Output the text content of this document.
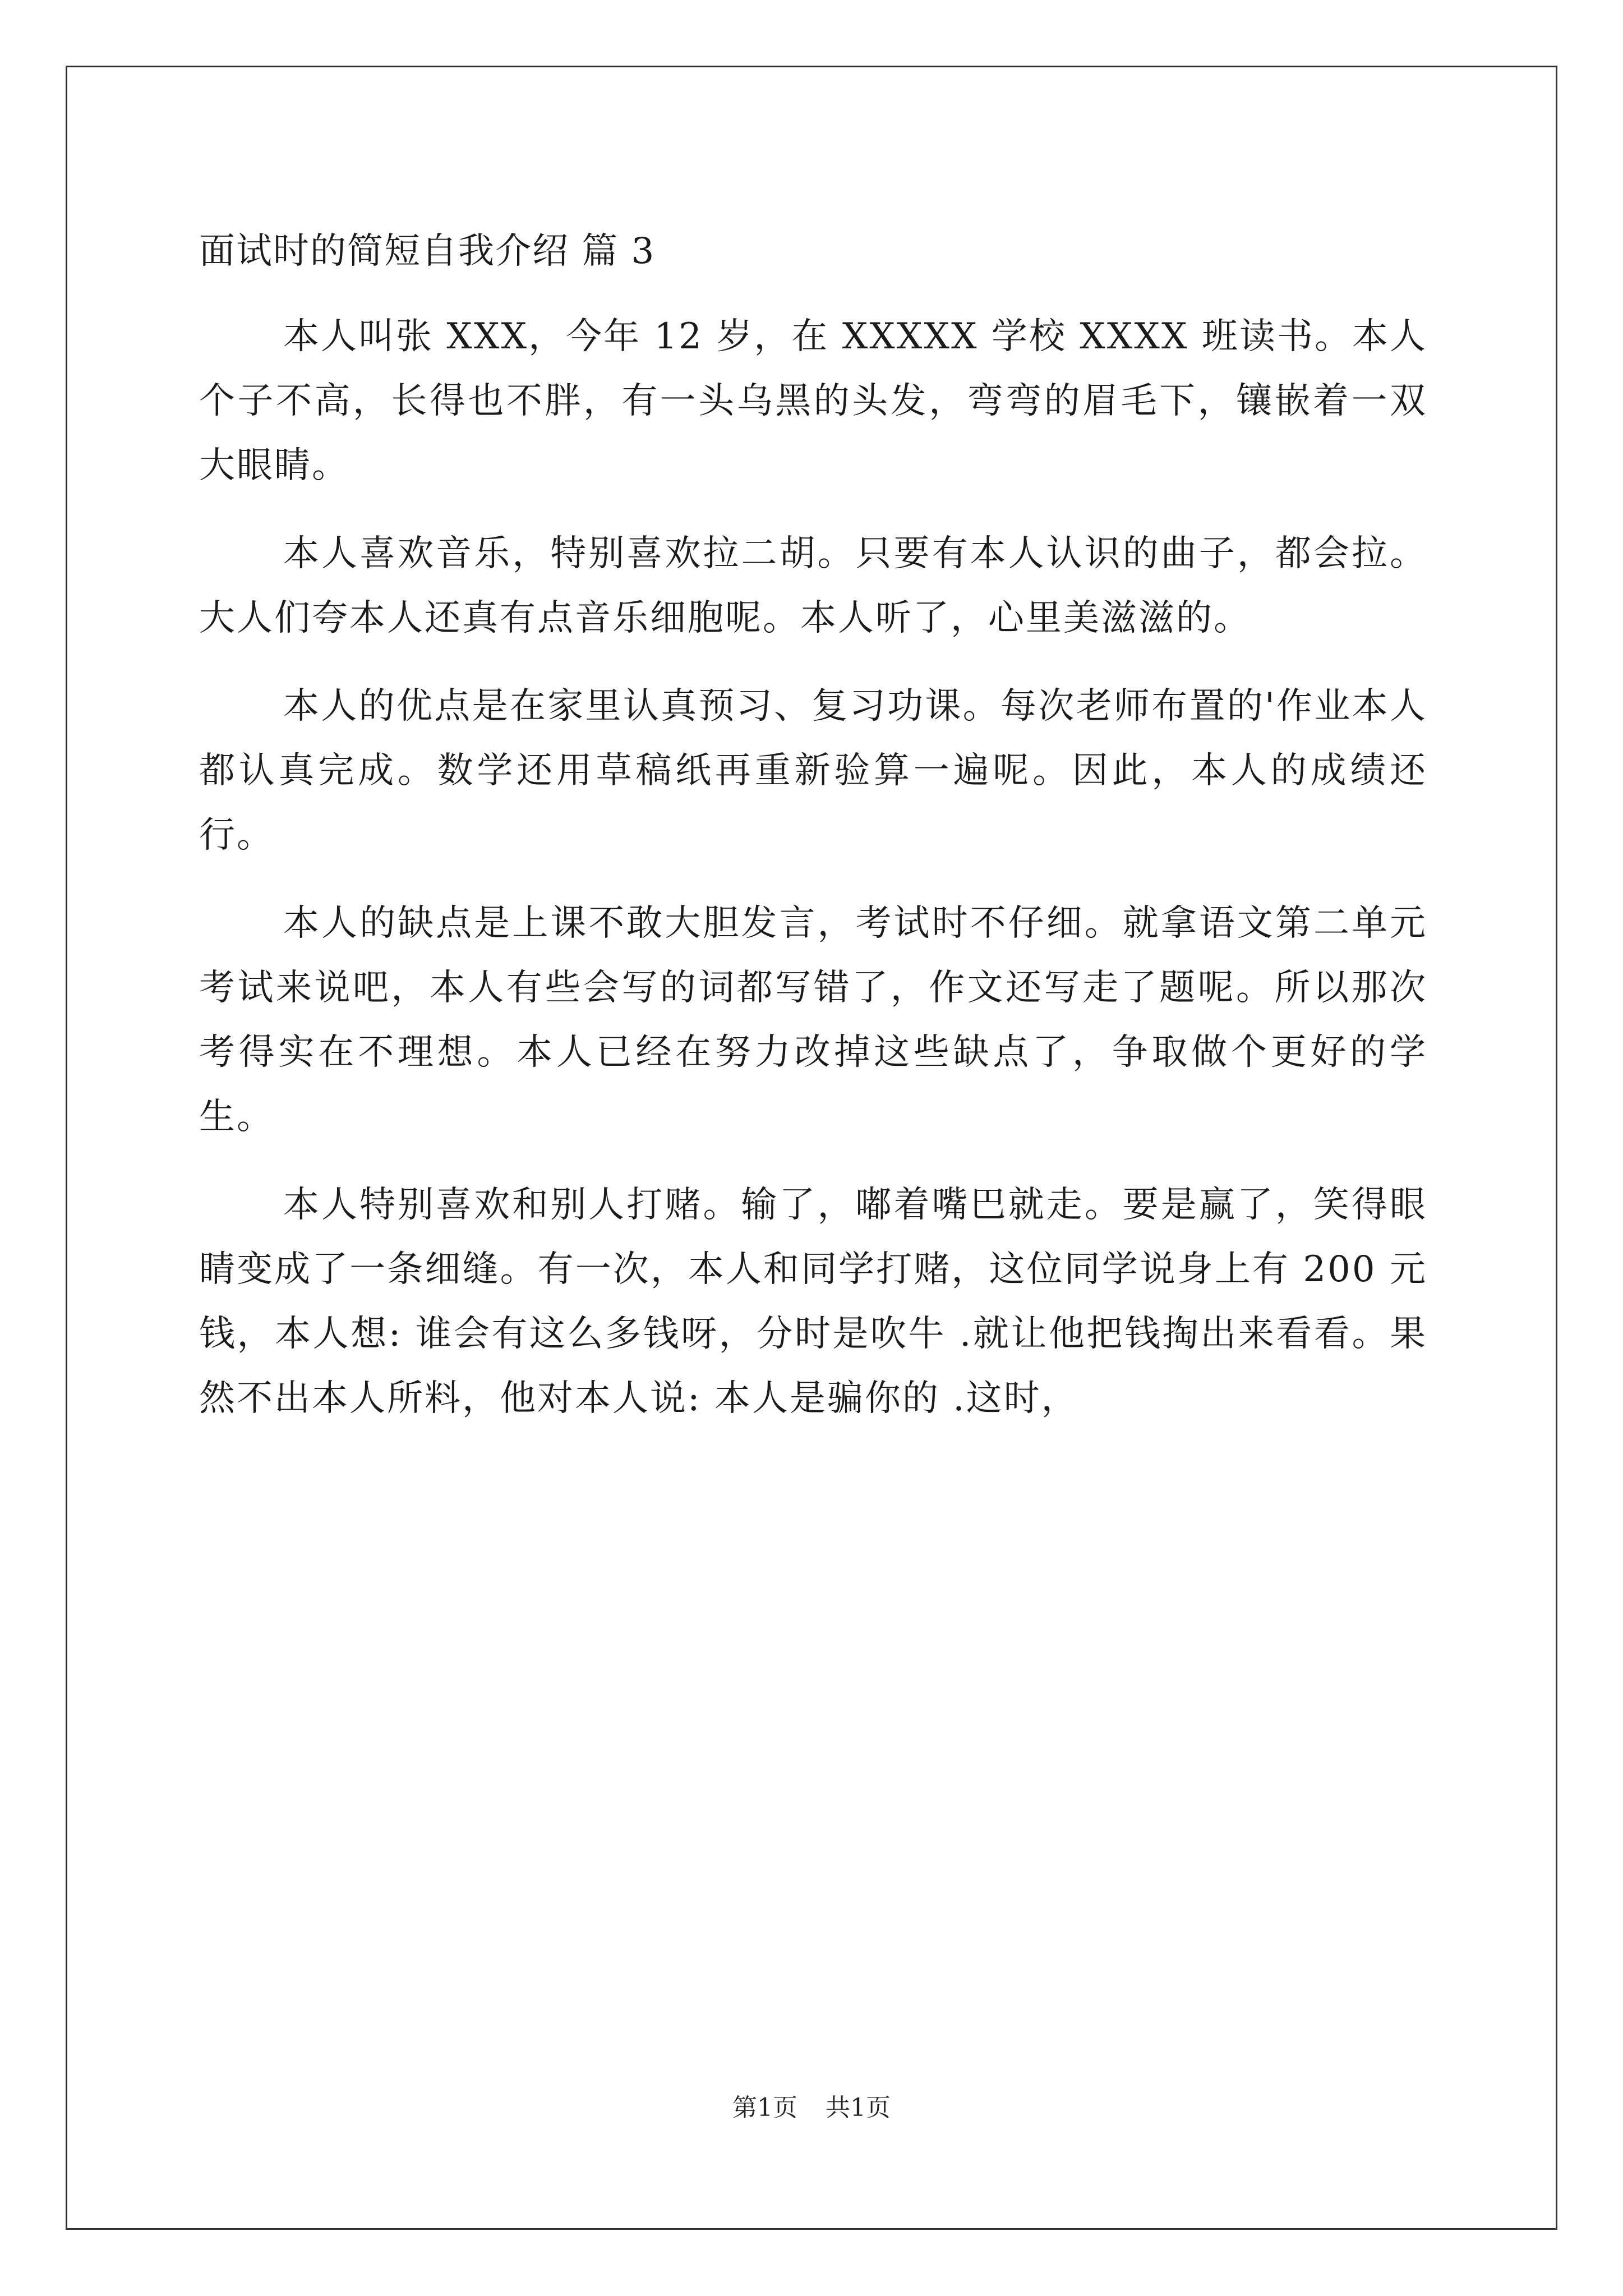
面试时的简短自我介绍 篇 3

本人叫张 XXX，今年 12 岁，在 XXXXX 学校 XXXX 班读书。本人个子不高，长得也不胖，有一头乌黑的头发，弯弯的眉毛下，镶嵌着一双大眼睛。

本人喜欢音乐，特别喜欢拉二胡。只要有本人认识的曲子，都会拉。大人们夸本人还真有点音乐细胞呢。本人听了，心里美滋滋的。

本人的优点是在家里认真预习、复习功课。每次老师布置的'作业本人都认真完成。数学还用草稿纸再重新验算一遍呢。因此，本人的成绩还行。

本人的缺点是上课不敢大胆发言，考试时不仔细。就拿语文第二单元考试来说吧，本人有些会写的词都写错了，作文还写走了题呢。所以那次考得实在不理想。本人已经在努力改掉这些缺点了，争取做个更好的学生。

本人特别喜欢和别人打赌。输了，嘟着嘴巴就走。要是赢了，笑得眼睛变成了一条细缝。有一次，本人和同学打赌，这位同学说身上有 200 元钱，本人想: 谁会有这么多钱呀，分时是吹牛 .就让他把钱掏出来看看。果然不出本人所料，他对本人说: 本人是骗你的 .这时，

第1页 共1页
